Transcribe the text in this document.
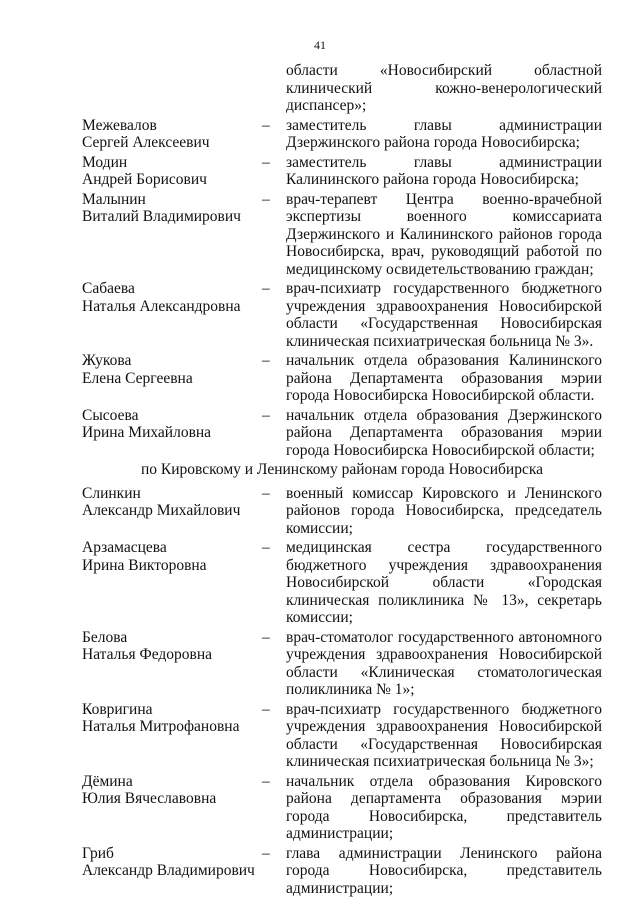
41
области «Новосибирский областной клинический кожно-венерологический диспансер»;
Межевалов
Сергей Алексеевич
–	заместитель главы администрации Дзержинского района города Новосибирска;
Модин
Андрей Борисович
–	заместитель главы администрации Калининского района города Новосибирска;
Малынин
Виталий Владимирович
–	врач-терапевт Центра военно-врачебной экспертизы военного комиссариата Дзержинского и Калининского районов города Новосибирска, врач, руководящий работой по медицинскому освидетельствованию граждан;
Сабаева
Наталья Александровна
–	врач-психиатр государственного бюджетного учреждения здравоохранения Новосибирской области «Государственная Новосибирская клиническая психиатрическая больница № 3».
Жукова
Елена Сергеевна
–	начальник отдела образования Калининского района Департамента образования мэрии города Новосибирска Новосибирской области.
Сысоева
Ирина Михайловна
–	начальник отдела образования Дзержинского района Департамента образования мэрии города Новосибирска Новосибирской области;
по Кировскому и Ленинскому районам города Новосибирска
Слинкин
Александр Михайлович
–	военный комиссар Кировского и Ленинского районов города Новосибирска, председатель комиссии;
Арзамасцева
Ирина Викторовна
–	медицинская сестра государственного бюджетного учреждения здравоохранения Новосибирской области «Городская клиническая поликлиника № 13», секретарь комиссии;
Белова
Наталья Федоровна
–	врач-стоматолог государственного автономного учреждения здравоохранения Новосибирской области «Клиническая стоматологическая поликлиника № 1»;
Ковригина
Наталья Митрофановна
–	врач-психиатр государственного бюджетного учреждения здравоохранения Новосибирской области «Государственная Новосибирская клиническая психиатрическая больница № 3»;
Дёмина
Юлия Вячеславовна
–	начальник отдела образования Кировского района департамента образования мэрии города Новосибирска, представитель администрации;
Гриб
Александр Владимирович
–	глава администрации Ленинского района города Новосибирска, представитель администрации;
